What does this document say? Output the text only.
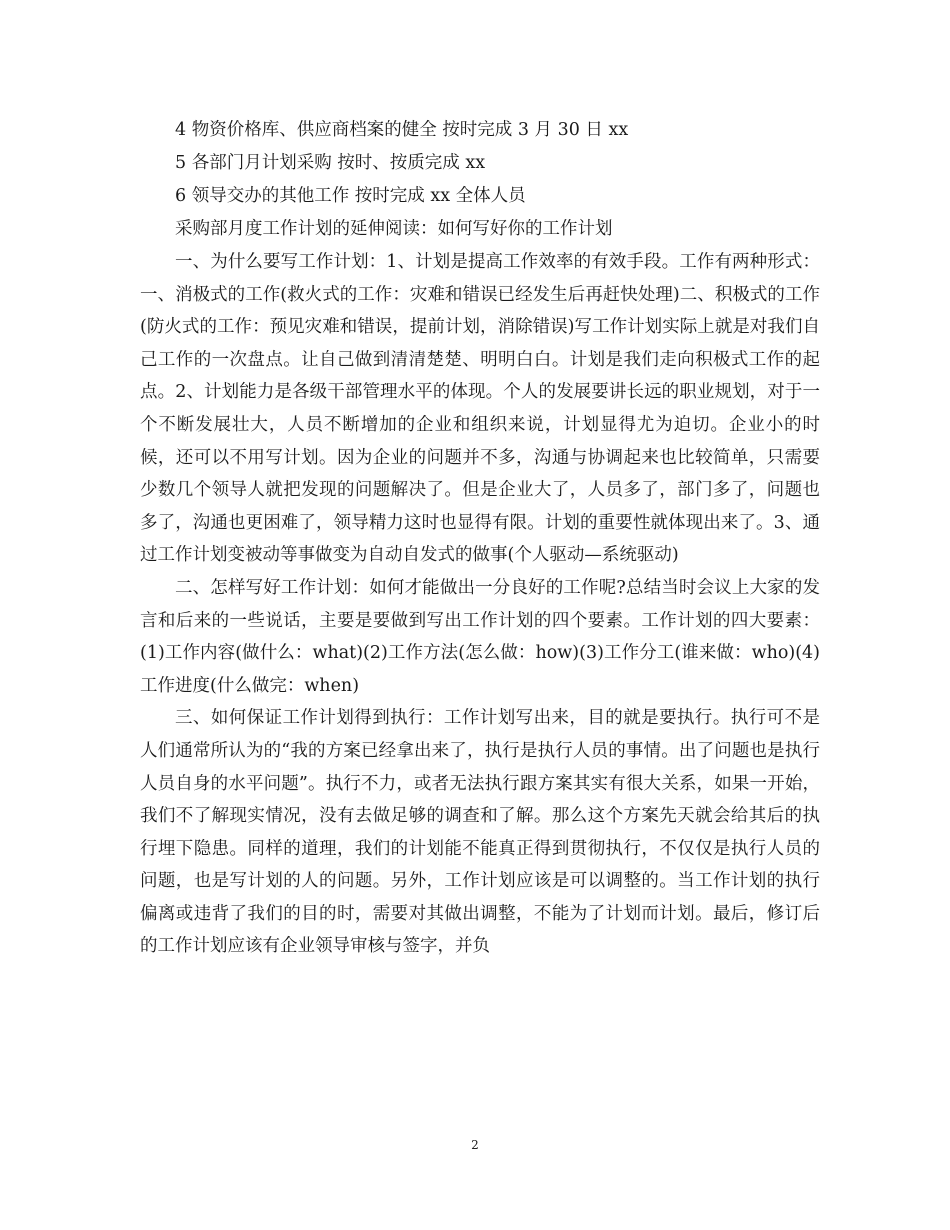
4 物资价格库、供应商档案的健全 按时完成 3 月 30 日 xx

5 各部门月计划采购 按时、按质完成 xx

6 领导交办的其他工作 按时完成 xx 全体人员

采购部月度工作计划的延伸阅读：如何写好你的工作计划

一、为什么要写工作计划：1、计划是提高工作效率的有效手段。工作有两种形式：一、消极式的工作(救火式的工作：灾难和错误已经发生后再赶快处理)二、积极式的工作(防火式的工作：预见灾难和错误，提前计划，消除错误)写工作计划实际上就是对我们自己工作的一次盘点。让自己做到清清楚楚、明明白白。计划是我们走向积极式工作的起点。2、计划能力是各级干部管理水平的体现。个人的发展要讲长远的职业规划，对于一个不断发展壮大，人员不断增加的企业和组织来说，计划显得尤为迫切。企业小的时候，还可以不用写计划。因为企业的问题并不多，沟通与协调起来也比较简单，只需要少数几个领导人就把发现的问题解决了。但是企业大了，人员多了，部门多了，问题也多了，沟通也更困难了，领导精力这时也显得有限。计划的重要性就体现出来了。3、通过工作计划变被动等事做变为自动自发式的做事(个人驱动—系统驱动)

二、怎样写好工作计划：如何才能做出一分良好的工作呢?总结当时会议上大家的发言和后来的一些说话，主要是要做到写出工作计划的四个要素。工作计划的四大要素：(1)工作内容(做什么：what)(2)工作方法(怎么做：how)(3)工作分工(谁来做：who)(4)工作进度(什么做完：when)

三、如何保证工作计划得到执行：工作计划写出来，目的就是要执行。执行可不是人们通常所认为的“我的方案已经拿出来了，执行是执行人员的事情。出了问题也是执行人员自身的水平问题”。执行不力，或者无法执行跟方案其实有很大关系，如果一开始，我们不了解现实情况，没有去做足够的调查和了解。那么这个方案先天就会给其后的执行埋下隐患。同样的道理，我们的计划能不能真正得到贯彻执行，不仅仅是执行人员的问题，也是写计划的人的问题。另外，工作计划应该是可以调整的。当工作计划的执行偏离或违背了我们的目的时，需要对其做出调整，不能为了计划而计划。最后，修订后的工作计划应该有企业领导审核与签字，并负

2
